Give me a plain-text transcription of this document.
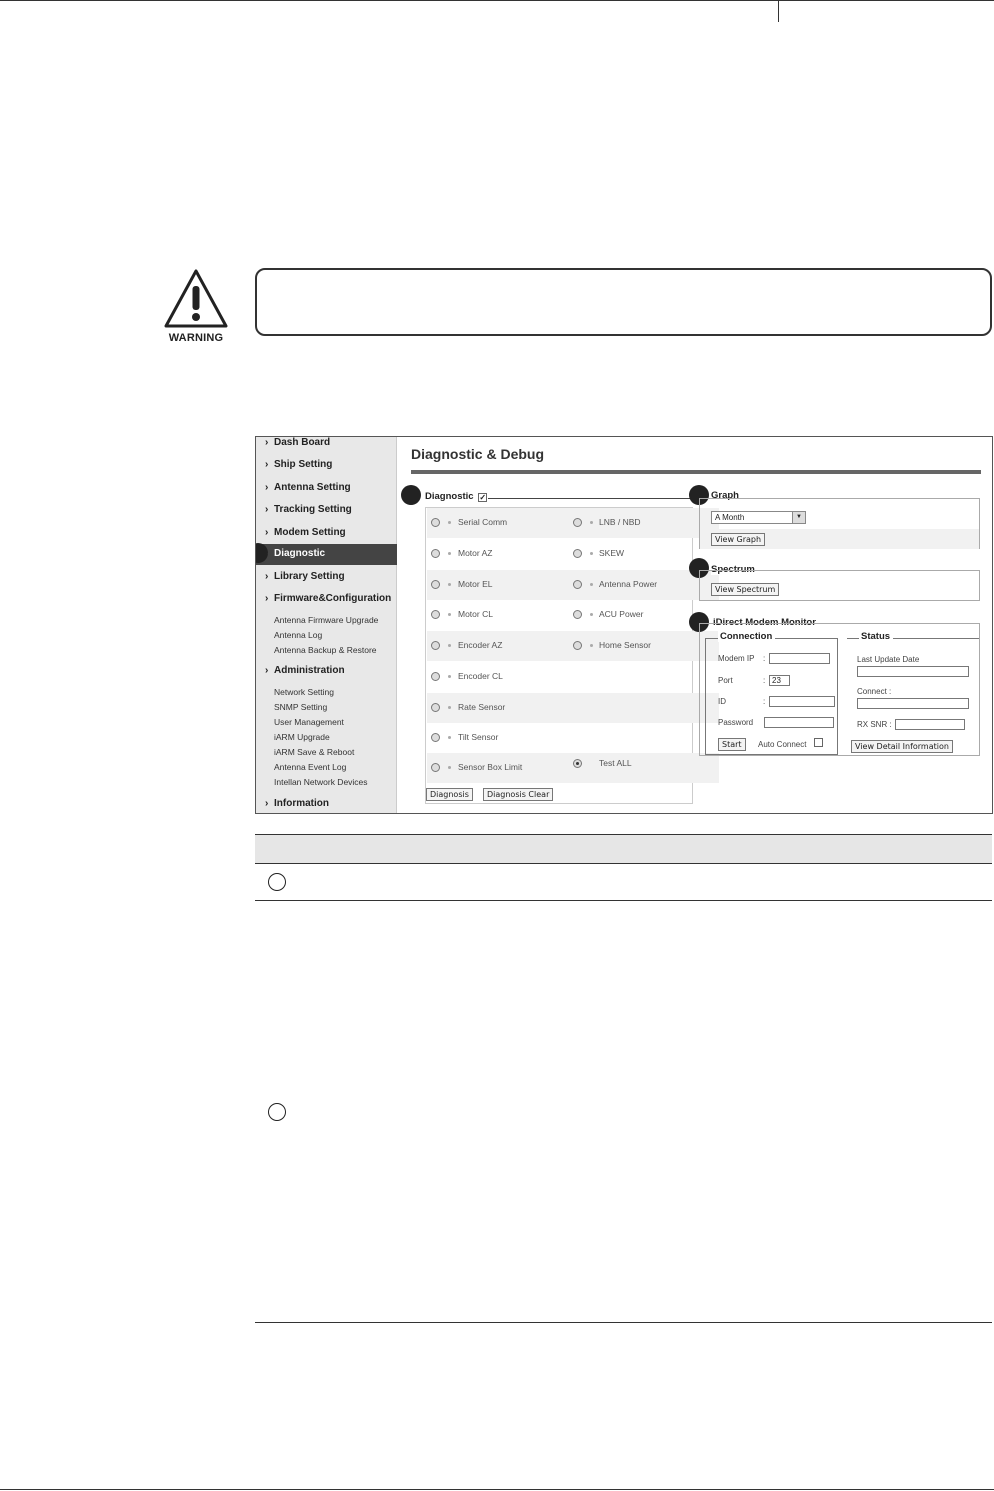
WARNING
› Dash Board
› Ship Setting
› Antenna Setting
› Tracking Setting
› Modem Setting
Diagnostic
› Library Setting
› Firmware&Configuration
Antenna Firmware Upgrade
Antenna Log
Antenna Backup & Restore
› Administration
Network Setting
SNMP Setting
User Management
iARM Upgrade
iARM Save & Reboot
Antenna Event Log
Intellan Network Devices
› Information
Diagnostic & Debug
Diagnostic ✓
Serial Comm	LNB / NBD
Motor AZ	SKEW
Motor EL	Antenna Power
Motor CL	ACU Power
Encoder AZ	Home Sensor
Encoder CL
Rate Sensor
Tilt Sensor
Sensor Box Limit	Test ALL
Diagnosis	Diagnosis Clear
Graph
A Month	▼
View Graph
Spectrum
View Spectrum
iDirect Modem Monitor
Connection
Modem IP :
Port	: 23
ID	:
Password
Start	Auto Connect
Status
Last Update Date
Connect :
RX SNR :
View Detail Information
